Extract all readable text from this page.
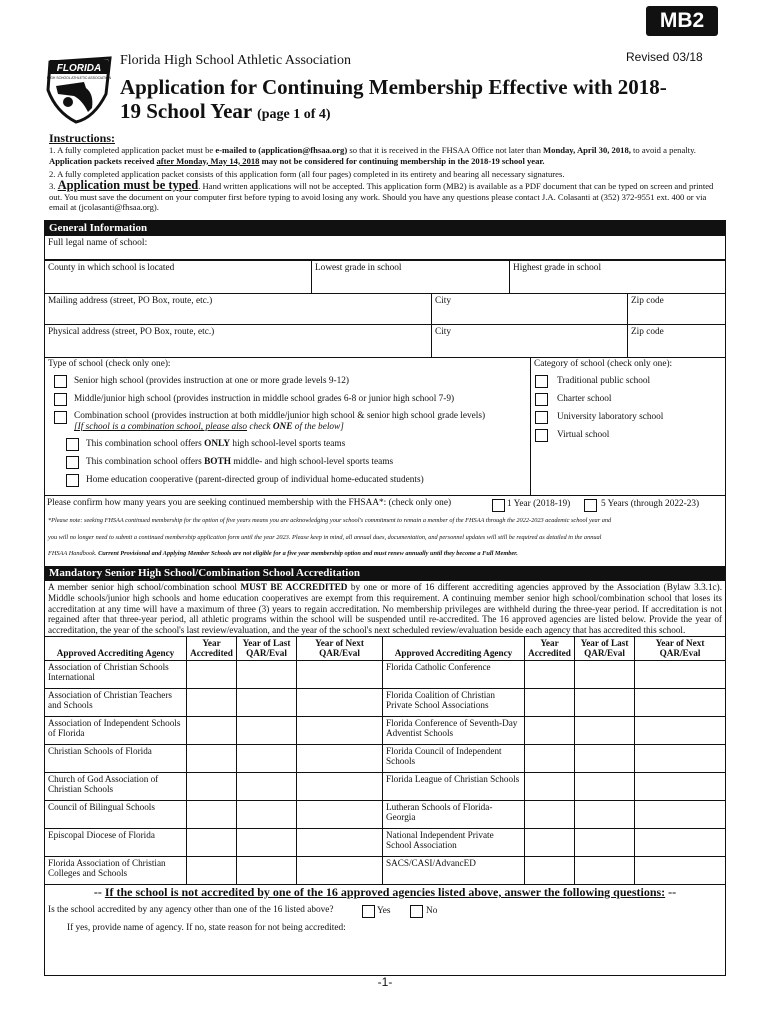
MB2
Revised 03/18
FLORIDA
HIGH SCHOOL ATHLETIC ASSOCIATION
Florida High School Athletic Association
Application for Continuing Membership Effective with 2018-19 School Year (page 1 of 4)
Instructions:
1. A fully completed application packet must be e-mailed to (application@fhsaa.org) so that it is received in the FHSAA Office not later than Monday, April 30, 2018, to avoid a penalty. Application packets received after Monday, May 14, 2018 may not be considered for continuing membership in the 2018-19 school year.
2. A fully completed application packet consists of this application form (all four pages) completed in its entirety and bearing all necessary signatures.
3. Application must be typed. Hand written applications will not be accepted. This application form (MB2) is available as a PDF document that can be typed on screen and printed out. You must save the document on your computer first before typing to avoid losing any work. Should you have any questions please contact J.A. Colasanti at (352) 372-9551 ext. 400 or via email at (jcolasanti@fhsaa.org).
General Information
Full legal name of school:
County in which school is located	Lowest grade in school	Highest grade in school
Mailing address (street, PO Box, route, etc.)	City	Zip code
Physical address (street, PO Box, route, etc.)	City	Zip code
Type of school (check only one):	Category of school (check only one):
Senior high school (provides instruction at one or more grade levels 9-12)
Middle/junior high school (provides instruction in middle school grades 6-8 or junior high school 7-9)
Combination school (provides instruction at both middle/junior high school & senior high school grade levels)
[If school is a combination school, please also check ONE of the below]
This combination school offers ONLY high school-level sports teams
This combination school offers BOTH middle- and high school-level sports teams
Home education cooperative (parent-directed group of individual home-educated students)
Traditional public school
Charter school
University laboratory school
Virtual school
Please confirm how many years you are seeking continued membership with the FHSAA*: (check only one)	1 Year (2018-19)	5 Years (through 2022-23)
*Please note: seeking FHSAA continued membership for the option of five years means you are acknowledging your school's commitment to remain a member of the FHSAA through the 2022-2023 academic school year and
you will no longer need to submit a continued membership application form until the year 2023. Please keep in mind, all annual dues, documentation, and personnel updates will still be required as detailed in the annual
FHSAA Handbook. Current Provisional and Applying Member Schools are not eligible for a five year membership option and must renew annually until they become a Full Member.
Mandatory Senior High School/Combination School Accreditation
A member senior high school/combination school MUST BE ACCREDITED by one or more of 16 different accrediting agencies approved by the Association (Bylaw 3.3.1c). Middle schools/junior high schools and home education cooperatives are exempt from this requirement. A continuing member senior high school/combination school that loses its accreditation at any time will have a maximum of three (3) years to regain accreditation. No membership privileges are withheld during the three-year period. If accreditation is not regained after that three-year period, all athletic programs within the school will be suspended until re-accredited. The 16 approved agencies are listed below. Provide the year of accreditation, the year of the school's last review/evaluation, and the year of the school's next scheduled review/evaluation beside each agency that has accredited this school.
Approved Accrediting Agency	Year Accredited	Year of Last QAR/Eval	Year of Next QAR/Eval	Approved Accrediting Agency	Year Accredited	Year of Last QAR/Eval	Year of Next QAR/Eval
Association of Christian Schools International				Florida Catholic Conference			
Association of Christian Teachers and Schools				Florida Coalition of Christian Private School Associations			
Association of Independent Schools of Florida				Florida Conference of Seventh-Day Adventist Schools			
Christian Schools of Florida				Florida Council of Independent Schools			
Church of God Association of Christian Schools				Florida League of Christian Schools			
Council of Bilingual Schools				Lutheran Schools of Florida-Georgia			
Episcopal Diocese of Florida				National Independent Private School Association			
Florida Association of Christian Colleges and Schools				SACS/CASI/AdvancED			
-- If the school is not accredited by one of the 16 approved agencies listed above, answer the following questions: --
Is the school accredited by any agency other than one of the 16 listed above?	Yes	No
If yes, provide name of agency. If no, state reason for not being accredited:
-1-
